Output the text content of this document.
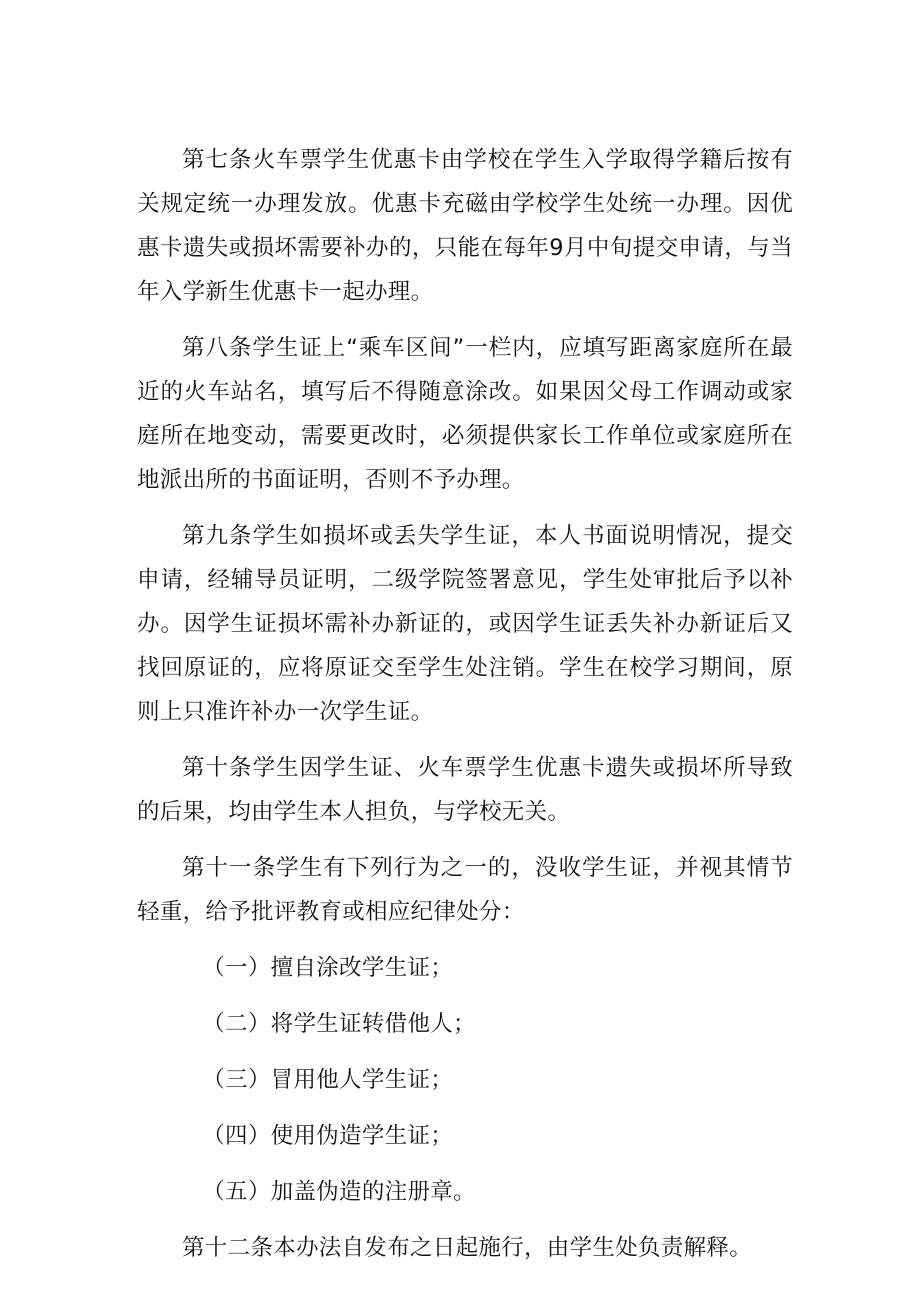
第七条火车票学生优惠卡由学校在学生入学取得学籍后按有关规定统一办理发放。优惠卡充磁由学校学生处统一办理。因优惠卡遗失或损坏需要补办的，只能在每年9月中旬提交申请，与当年入学新生优惠卡一起办理。

第八条学生证上“乘车区间”一栏内，应填写距离家庭所在最近的火车站名，填写后不得随意涂改。如果因父母工作调动或家庭所在地变动，需要更改时，必须提供家长工作单位或家庭所在地派出所的书面证明，否则不予办理。

第九条学生如损坏或丢失学生证，本人书面说明情况，提交申请，经辅导员证明，二级学院签署意见，学生处审批后予以补办。因学生证损坏需补办新证的，或因学生证丢失补办新证后又找回原证的，应将原证交至学生处注销。学生在校学习期间，原则上只准许补办一次学生证。

第十条学生因学生证、火车票学生优惠卡遗失或损坏所导致的后果，均由学生本人担负，与学校无关。

第十一条学生有下列行为之一的，没收学生证，并视其情节轻重，给予批评教育或相应纪律处分：

（一）擅自涂改学生证；

（二）将学生证转借他人；

（三）冒用他人学生证；

（四）使用伪造学生证；

（五）加盖伪造的注册章。

第十二条本办法自发布之日起施行，由学生处负责解释。
